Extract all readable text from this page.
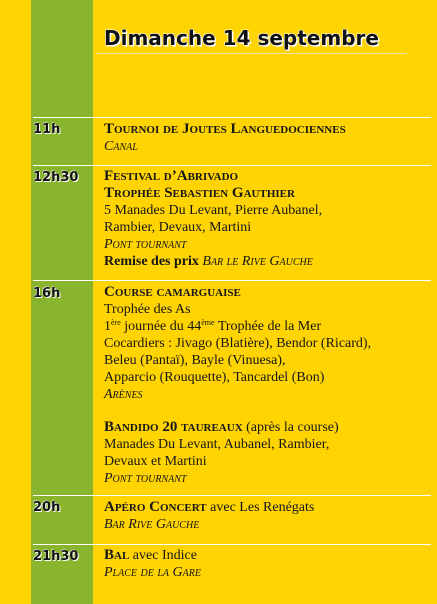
Dimanche 14 septembre
11h	Tournoi de Joutes Languedociennes
Canal
12h30	Festival d’Abrivado
Trophée Sebastien Gauthier
5 Manades Du Levant, Pierre Aubanel,
Rambier, Devaux, Martini
Pont tournant
Remise des prix Bar le Rive Gauche
16h	Course camarguaise
Trophée des As
1ère journée du 44ème Trophée de la Mer
Cocardiers : Jivago (Blatière), Bendor (Ricard),
Beleu (Pantaï), Bayle (Vinuesa),
Apparcio (Rouquette), Tancardel (Bon)
Arènes
Bandido 20 taureaux (après la course)
Manades Du Levant, Aubanel, Rambier,
Devaux et Martini
Pont tournant
20h	Apéro Concert avec Les Renégats
Bar Rive Gauche
21h30	Bal avec Indice
Place de la Gare
